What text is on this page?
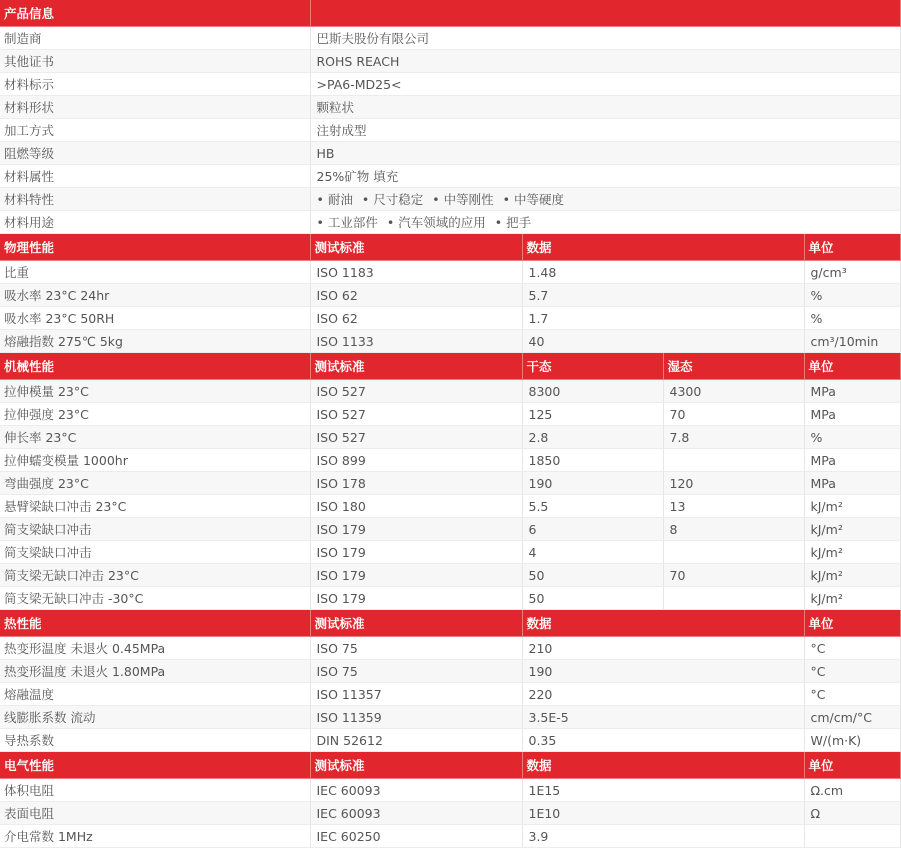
产品信息				
制造商	巴斯夫股份有限公司			
其他证书	ROHS REACH			
材料标示	>PA6-MD25<			
材料形状	颗粒状			
加工方式	注射成型			
阻燃等级	HB			
材料属性	25%矿物 填充			
材料特性	• 耐油 • 尺寸稳定 • 中等刚性 • 中等硬度
材料用途	• 工业部件 • 汽车领域的应用 • 把手
物理性能	测试标准	数据		单位
比重	ISO 1183	1.48		g/cm³
吸水率 23°C 24hr	ISO 62	5.7		%
吸水率 23°C 50RH	ISO 62	1.7		%
熔融指数 275℃ 5kg	ISO 1133	40		cm³/10min
机械性能	测试标准	干态	湿态	单位
拉伸模量 23°C	ISO 527	8300	4300	MPa
拉伸强度 23°C	ISO 527	125	70	MPa
伸长率 23°C	ISO 527	2.8	7.8	%
拉伸蠕变模量 1000hr	ISO 899	1850		MPa
弯曲强度 23°C	ISO 178	190	120	MPa
悬臂梁缺口冲击 23°C	ISO 180	5.5	13	kJ/m²
简支梁缺口冲击	ISO 179	6	8	kJ/m²
简支梁缺口冲击	ISO 179	4		kJ/m²
简支梁无缺口冲击 23°C	ISO 179	50	70	kJ/m²
简支梁无缺口冲击 -30°C	ISO 179	50		kJ/m²
热性能	测试标准	数据		单位
热变形温度 未退火 0.45MPa	ISO 75	210		°C
热变形温度 未退火 1.80MPa	ISO 75	190		°C
熔融温度	ISO 11357	220		°C
线膨胀系数 流动	ISO 11359	3.5E-5		cm/cm/°C
导热系数	DIN 52612	0.35		W/(m·K)
电气性能	测试标准	数据		单位
体积电阻	IEC 60093	1E15		Ω.cm
表面电阻	IEC 60093	1E10		Ω
介电常数 1MHz	IEC 60250	3.9		
